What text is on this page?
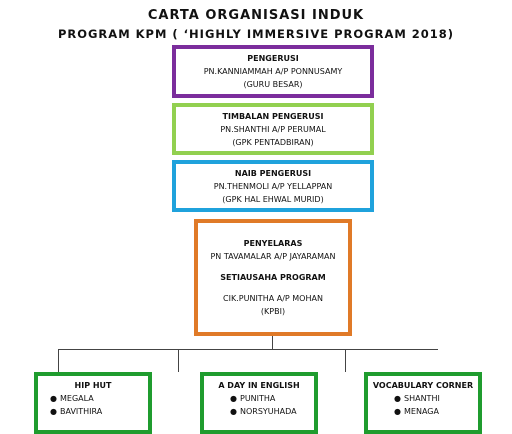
CARTA ORGANISASI INDUK
PROGRAM KPM ( ‘HIGHLY IMMERSIVE PROGRAM 2018)
PENGERUSI
PN.KANNIAMMAH A/P PONNUSAMY
(GURU BESAR)
TIMBALAN PENGERUSI
PN.SHANTHI A/P PERUMAL
(GPK PENTADBIRAN)
NAIB PENGERUSI
PN.THENMOLI A/P YELLAPPAN
(GPK HAL EHWAL MURID)
PENYELARAS
PN TAVAMALAR A/P JAYARAMAN
SETIAUSAHA PROGRAM
CIK.PUNITHA A/P MOHAN
(KPBI)
HIP HUT
● MEGALA
● BAVITHIRA
A DAY IN ENGLISH
● PUNITHA
● NORSYUHADA
VOCABULARY CORNER
● SHANTHI
● MENAGA
